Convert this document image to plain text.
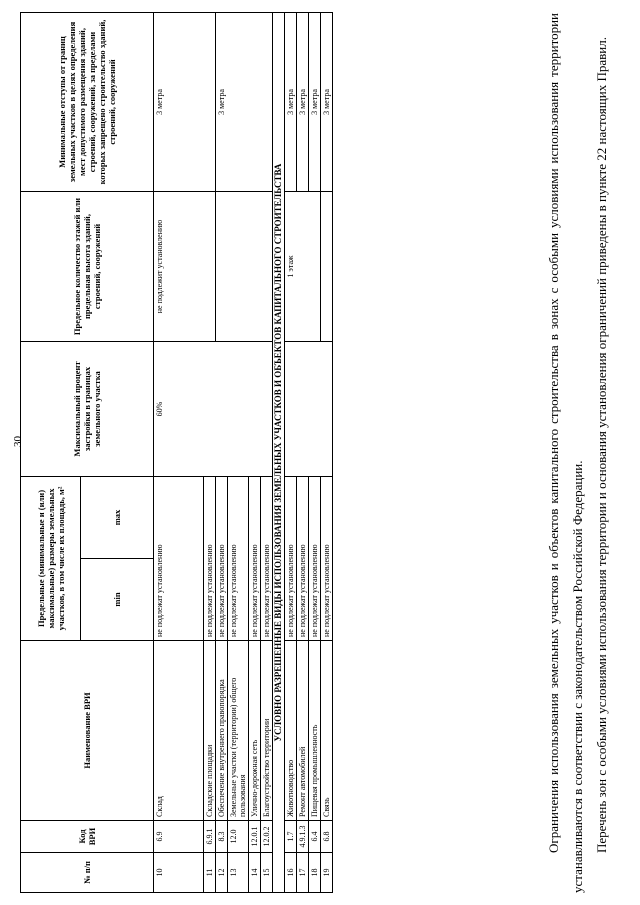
30
№ п/п	Код ВРИ	Наименование ВРИ	Предельные (минимальные и (или) максимальные) размеры земельных участков, в том числе их площадь, м²		Максимальный процент застройки в границах земельного участка	Предельное количество этажей или предельная высота зданий, строений, сооружений	Минимальные отступы от границ земельных участков в целях определения мест допустимого размещения зданий, строений, сооружений, за пределами которых запрещено строительство зданий, строений, сооружений
			min	max			
10	6.9	Склад	не подлежат установлению		60%	не подлежит установлению	3 метра
11	6.9.1	Складские площадки	не подлежат установлению				
12	8.3	Обеспечение внутреннего правопорядка	не подлежат установлению				3 метра
13	12.0	Земельные участки (территории) общего пользования	не подлежат установлению				
14	12.0.1	Улично-дорожная сеть	не подлежат установлению				
15	12.0.2	Благоустройство территории	не подлежат установлению				
УСЛОВНО РАЗРЕШЕННЫЕ ВИДЫ ИСПОЛЬЗОВАНИЯ ЗЕМЕЛЬНЫХ УЧАСТКОВ И ОБЪЕКТОВ КАПИТАЛЬНОГО СТРОИТЕЛЬСТВА							
16	1.7	Животноводство	не подлежат установлению			1 этаж	3 метра
17	4.9.1.3	Ремонт автомобилей	не подлежат установлению				3 метра
18	6.4	Пищевая промышленность	не подлежат установлению				3 метра
19	6.8	Связь	не подлежат установлению				3 метра	Ограничения использования земельных участков и объектов капитального строительства в зонах с особыми условиями использования территории устанавливаются в соответствии с законодательством Российской Федерации. Перечень зон с особыми условиями использования территории и основания установления ограничений приведены в пункте 22 настоящих Правил.
